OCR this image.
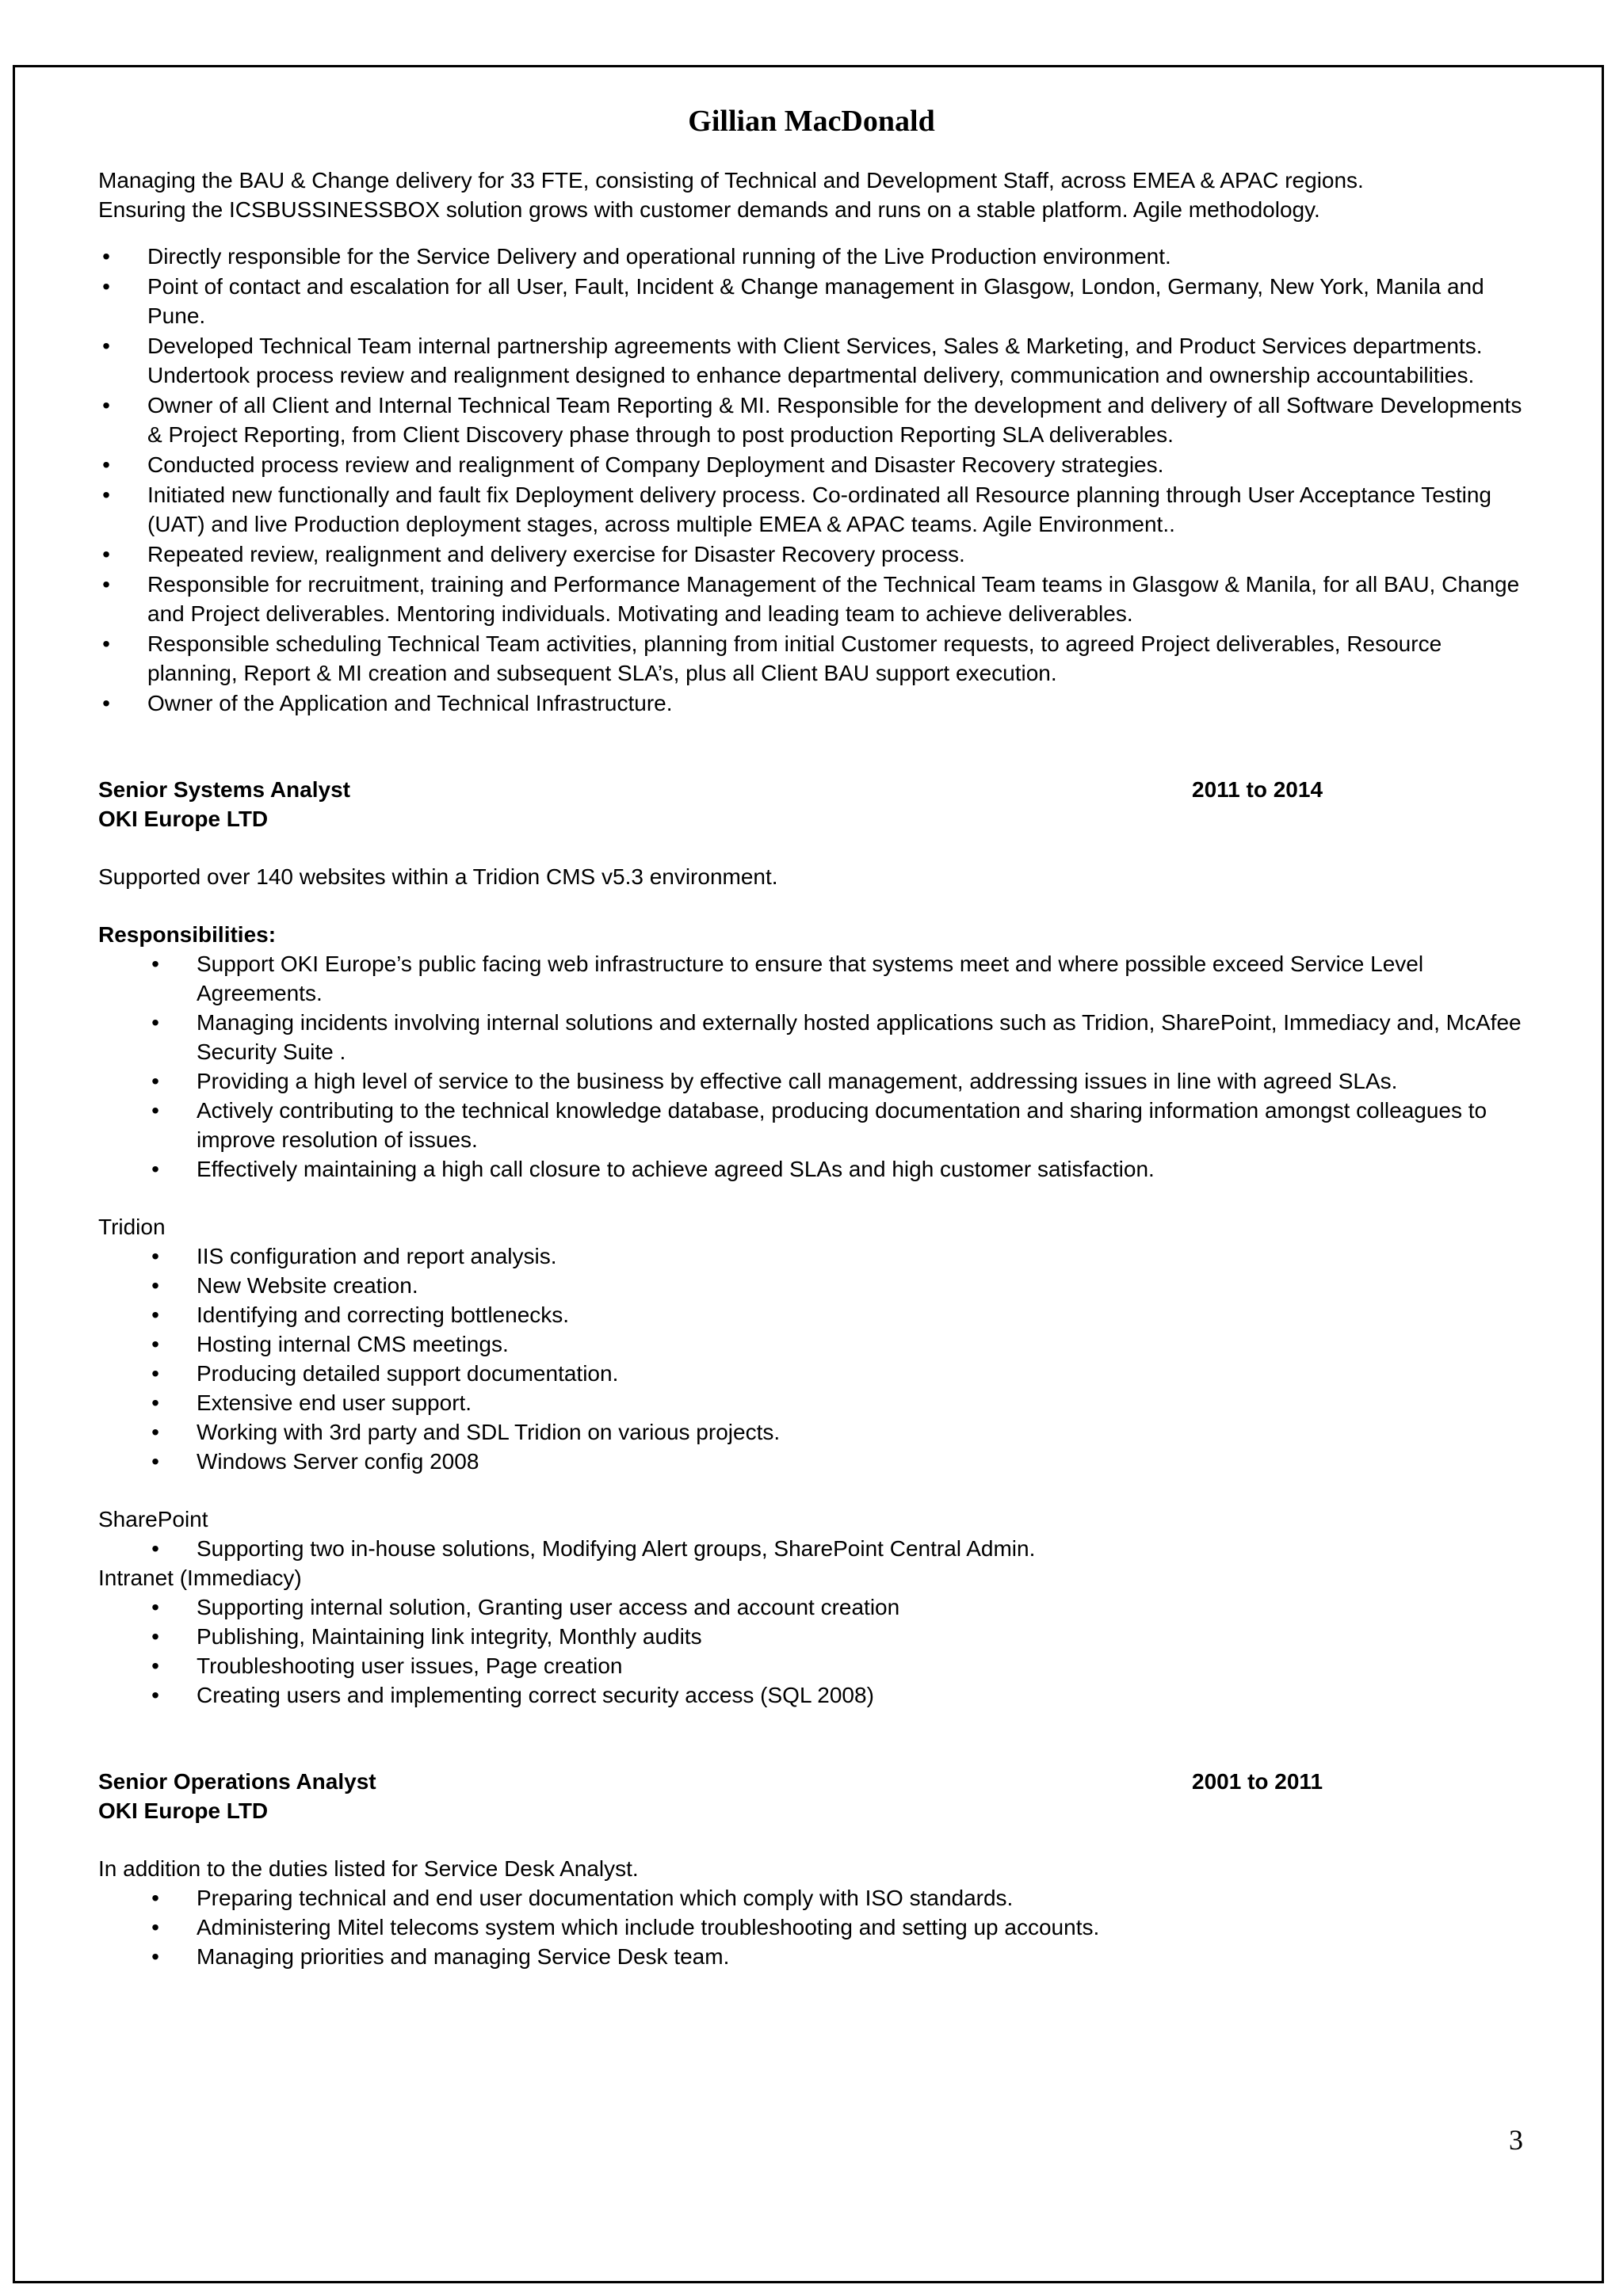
Gillian MacDonald

Managing the BAU & Change delivery for 33 FTE, consisting of Technical and Development Staff, across EMEA & APAC regions.

Ensuring the ICSBUSSINESSBOX solution grows with customer demands and runs on a stable platform. Agile methodology.

• Directly responsible for the Service Delivery and operational running of the Live Production environment.
• Point of contact and escalation for all User, Fault, Incident & Change management in Glasgow, London, Germany, New York, Manila and Pune.
• Developed Technical Team internal partnership agreements with Client Services, Sales & Marketing, and Product Services departments. Undertook process review and realignment designed to enhance departmental delivery, communication and ownership accountabilities.
• Owner of all Client and Internal Technical Team Reporting & MI. Responsible for the development and delivery of all Software Developments & Project Reporting, from Client Discovery phase through to post production Reporting SLA deliverables.
• Conducted process review and realignment of Company Deployment and Disaster Recovery strategies.
• Initiated new functionally and fault fix Deployment delivery process. Co-ordinated all Resource planning through User Acceptance Testing (UAT) and live Production deployment stages, across multiple EMEA & APAC teams. Agile Environment..
• Repeated review, realignment and delivery exercise for Disaster Recovery process.
• Responsible for recruitment, training and Performance Management of the Technical Team teams in Glasgow & Manila, for all BAU, Change and Project deliverables. Mentoring individuals. Motivating and leading team to achieve deliverables.
• Responsible scheduling Technical Team activities, planning from initial Customer requests, to agreed Project deliverables, Resource planning, Report & MI creation and subsequent SLA’s, plus all Client BAU support execution.
• Owner of the Application and Technical Infrastructure.
Senior Systems Analyst	2011 to 2014

OKI Europe LTD

Supported over 140 websites within a Tridion CMS v5.3 environment.

Responsibilities:

• Support OKI Europe’s public facing web infrastructure to ensure that systems meet and where possible exceed Service Level Agreements.
• Managing incidents involving internal solutions and externally hosted applications such as Tridion, SharePoint, Immediacy and, McAfee Security Suite .
• Providing a high level of service to the business by effective call management, addressing issues in line with agreed SLAs.
• Actively contributing to the technical knowledge database, producing documentation and sharing information amongst colleagues to improve resolution of issues.
• Effectively maintaining a high call closure to achieve agreed SLAs and high customer satisfaction.

Tridion

• IIS configuration and report analysis.
• New Website creation.
• Identifying and correcting bottlenecks.
• Hosting internal CMS meetings.
• Producing detailed support documentation.
• Extensive end user support.
• Working with 3rd party and SDL Tridion on various projects.
• Windows Server config 2008

SharePoint

• Supporting two in-house solutions, Modifying Alert groups, SharePoint Central Admin.

Intranet (Immediacy)

• Supporting internal solution, Granting user access and account creation
• Publishing, Maintaining link integrity, Monthly audits
• Troubleshooting user issues, Page creation
• Creating users and implementing correct security access (SQL 2008)
Senior Operations Analyst	2001 to 2011

OKI Europe LTD

In addition to the duties listed for Service Desk Analyst.

• Preparing technical and end user documentation which comply with ISO standards.
• Administering Mitel telecoms system which include troubleshooting and setting up accounts.
• Managing priorities and managing Service Desk team.
3
